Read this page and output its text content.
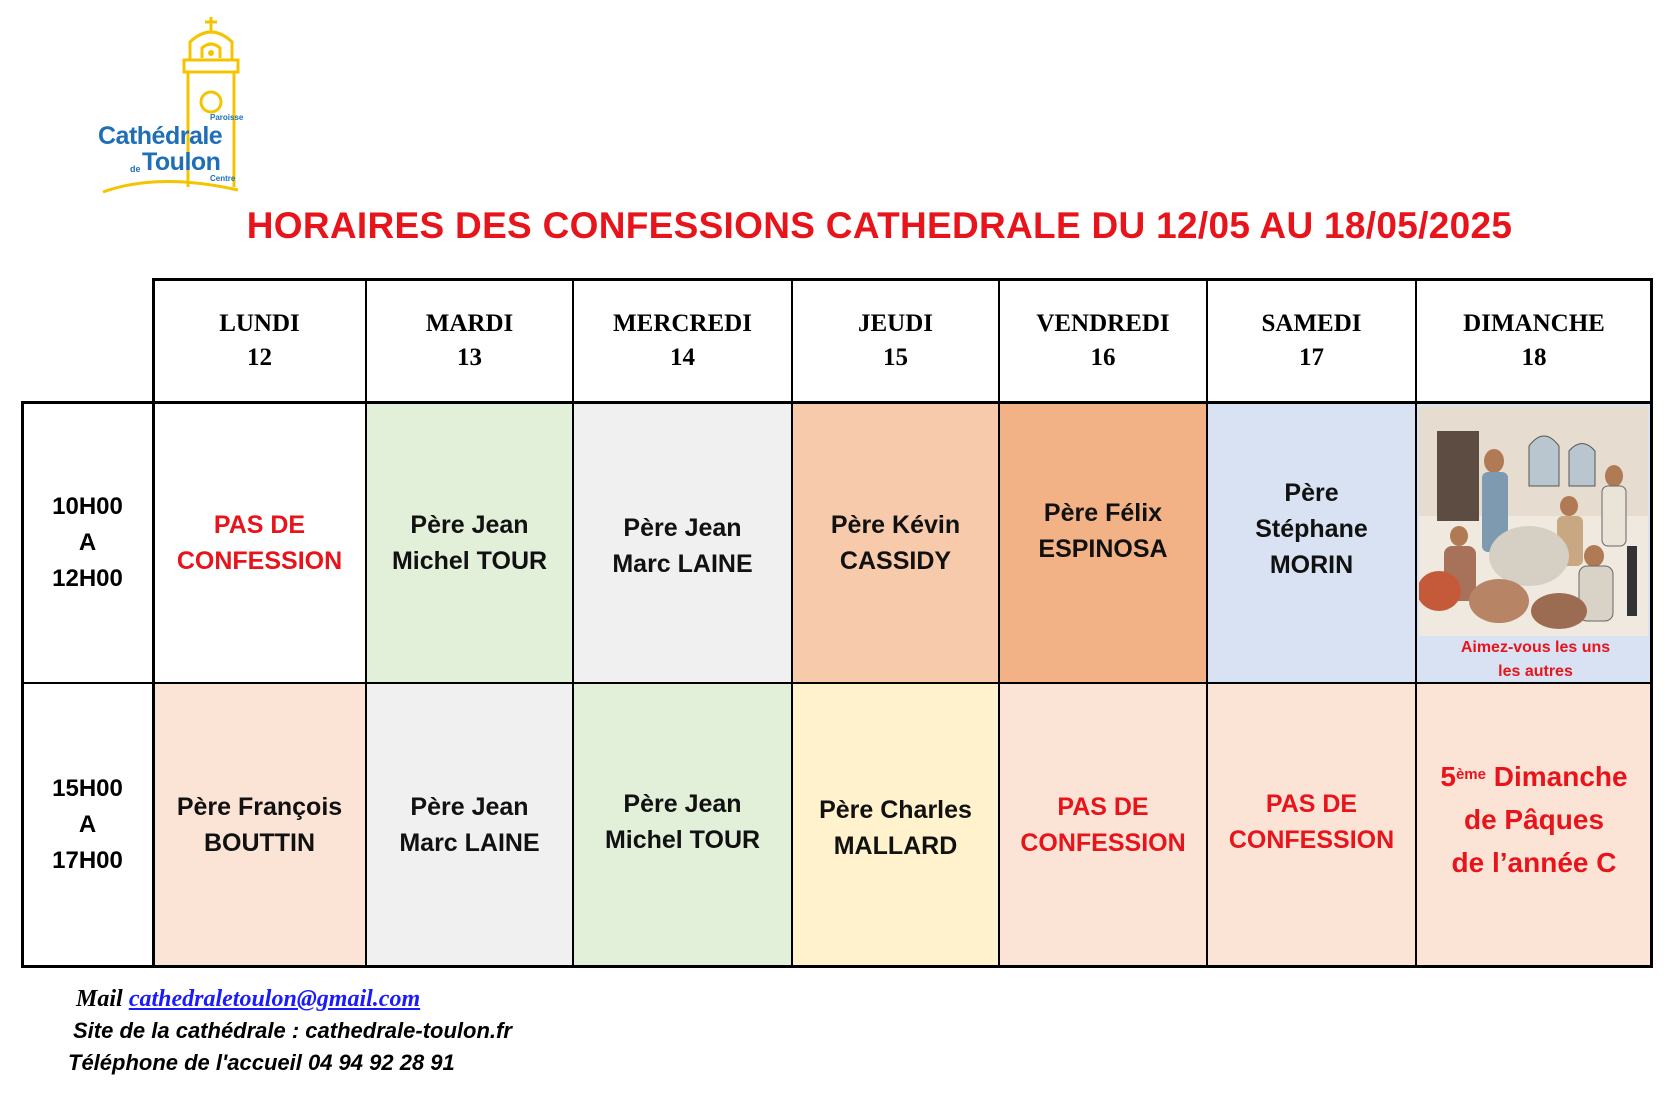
Paroisse
Cathédrale
de Toulon
Centre
HORAIRES DES CONFESSIONS CATHEDRALE DU 12/05 AU 18/05/2025
LUNDI
12
MARDI
13
MERCREDI
14
JEUDI
15
VENDREDI
16
SAMEDI
17
DIMANCHE
18
10H00
A
12H00
PAS DE
CONFESSION
Père Jean
Michel TOUR
Père Jean
Marc LAINE
Père Kévin
CASSIDY
Père Félix
ESPINOSA
Père
Stéphane
MORIN
Aimez-vous les uns
les autres
15H00
A
17H00
Père François
BOUTTIN
Père Jean
Marc LAINE
Père Jean
Michel TOUR
Père Charles
MALLARD
PAS DE
CONFESSION
PAS DE
CONFESSION
5ème Dimanche
de Pâques
de l’année C
Mail cathedraletoulon@gmail.com
Site de la cathédrale : cathedrale-toulon.fr
Téléphone de l'accueil 04 94 92 28 91
